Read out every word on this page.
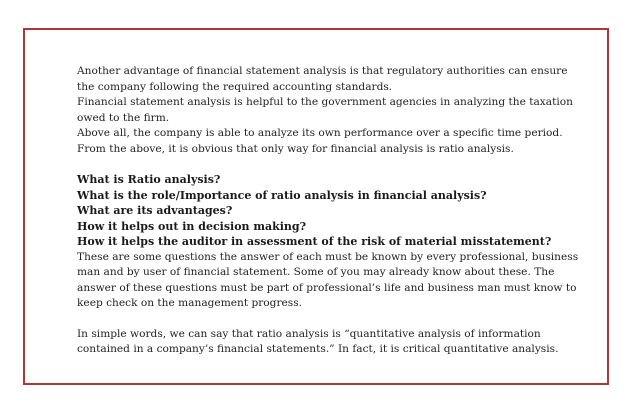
Another advantage of financial statement analysis is that regulatory authorities can ensure

the company following the required accounting standards.

Financial statement analysis is helpful to the government agencies in analyzing the taxation

owed to the firm.

Above all, the company is able to analyze its own performance over a specific time period.

From the above, it is obvious that only way for financial analysis is ratio analysis.

What is Ratio analysis?

What is the role/Importance of ratio analysis in financial analysis?

What are its advantages?

How it helps out in decision making?

How it helps the auditor in assessment of the risk of material misstatement?

These are some questions the answer of each must be known by every professional, business

man and by user of financial statement. Some of you may already know about these. The

answer of these questions must be part of professional’s life and business man must know to

keep check on the management progress.

In simple words, we can say that ratio analysis is “quantitative analysis of information

contained in a company’s financial statements.” In fact, it is critical quantitative analysis.
